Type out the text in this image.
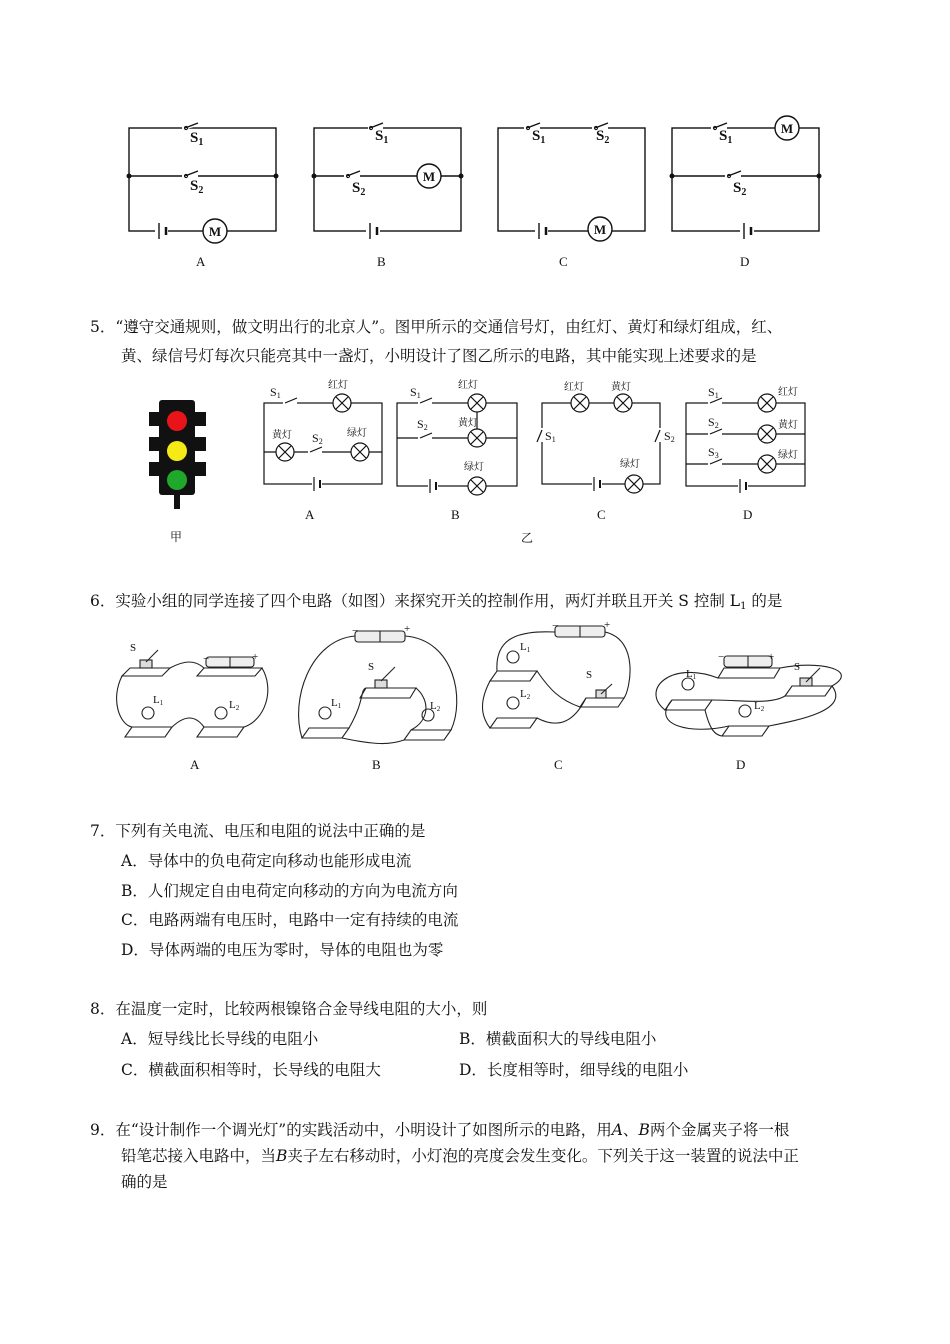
$S_1$
$S_2$
$S_1$
$S_2$
$S_1$	$S_2$	$S_1$
$S_2$
M
M
M
M
A	B	C	D
5．“遵守交通规则，做文明出行的北京人”。图甲所示的交通信号灯，由红灯、黄灯和绿灯组成，红、
黄、绿信号灯每次只能亮其中一盏灯，小明设计了图乙所示的电路，其中能实现上述要求的是
S1
红灯
黄灯 S2
绿灯
S1
红灯
S2	黄灯
绿灯
红灯	黄灯
S1	S2
绿灯
S1	红灯
S2	黄灯
S3	绿灯
A	B	C	D
甲	乙
6．实验小组的同学连接了四个电路（如图）来探究开关的控制作用，两灯并联且开关 S 控制 L1 的是
S
−	+
L1	L2
−	+
S
L1	L2
−	+
S
L1
L2
−	+
S
L1
L2
A	B	C	D
7．下列有关电流、电压和电阻的说法中正确的是
A．导体中的负电荷定向移动也能形成电流
B．人们规定自由电荷定向移动的方向为电流方向
C．电路两端有电压时，电路中一定有持续的电流
D．导体两端的电压为零时，导体的电阻也为零
8．在温度一定时，比较两根镍铬合金导线电阻的大小，则
A．短导线比长导线的电阻小	B．横截面积大的导线电阻小
C．横截面积相等时，长导线的电阻大	D．长度相等时，细导线的电阻小
9．在“设计制作一个调光灯”的实践活动中，小明设计了如图所示的电路，用A、B两个金属夹子将一根
铅笔芯接入电路中，当B夹子左右移动时，小灯泡的亮度会发生变化。下列关于这一装置的说法中正
确的是
